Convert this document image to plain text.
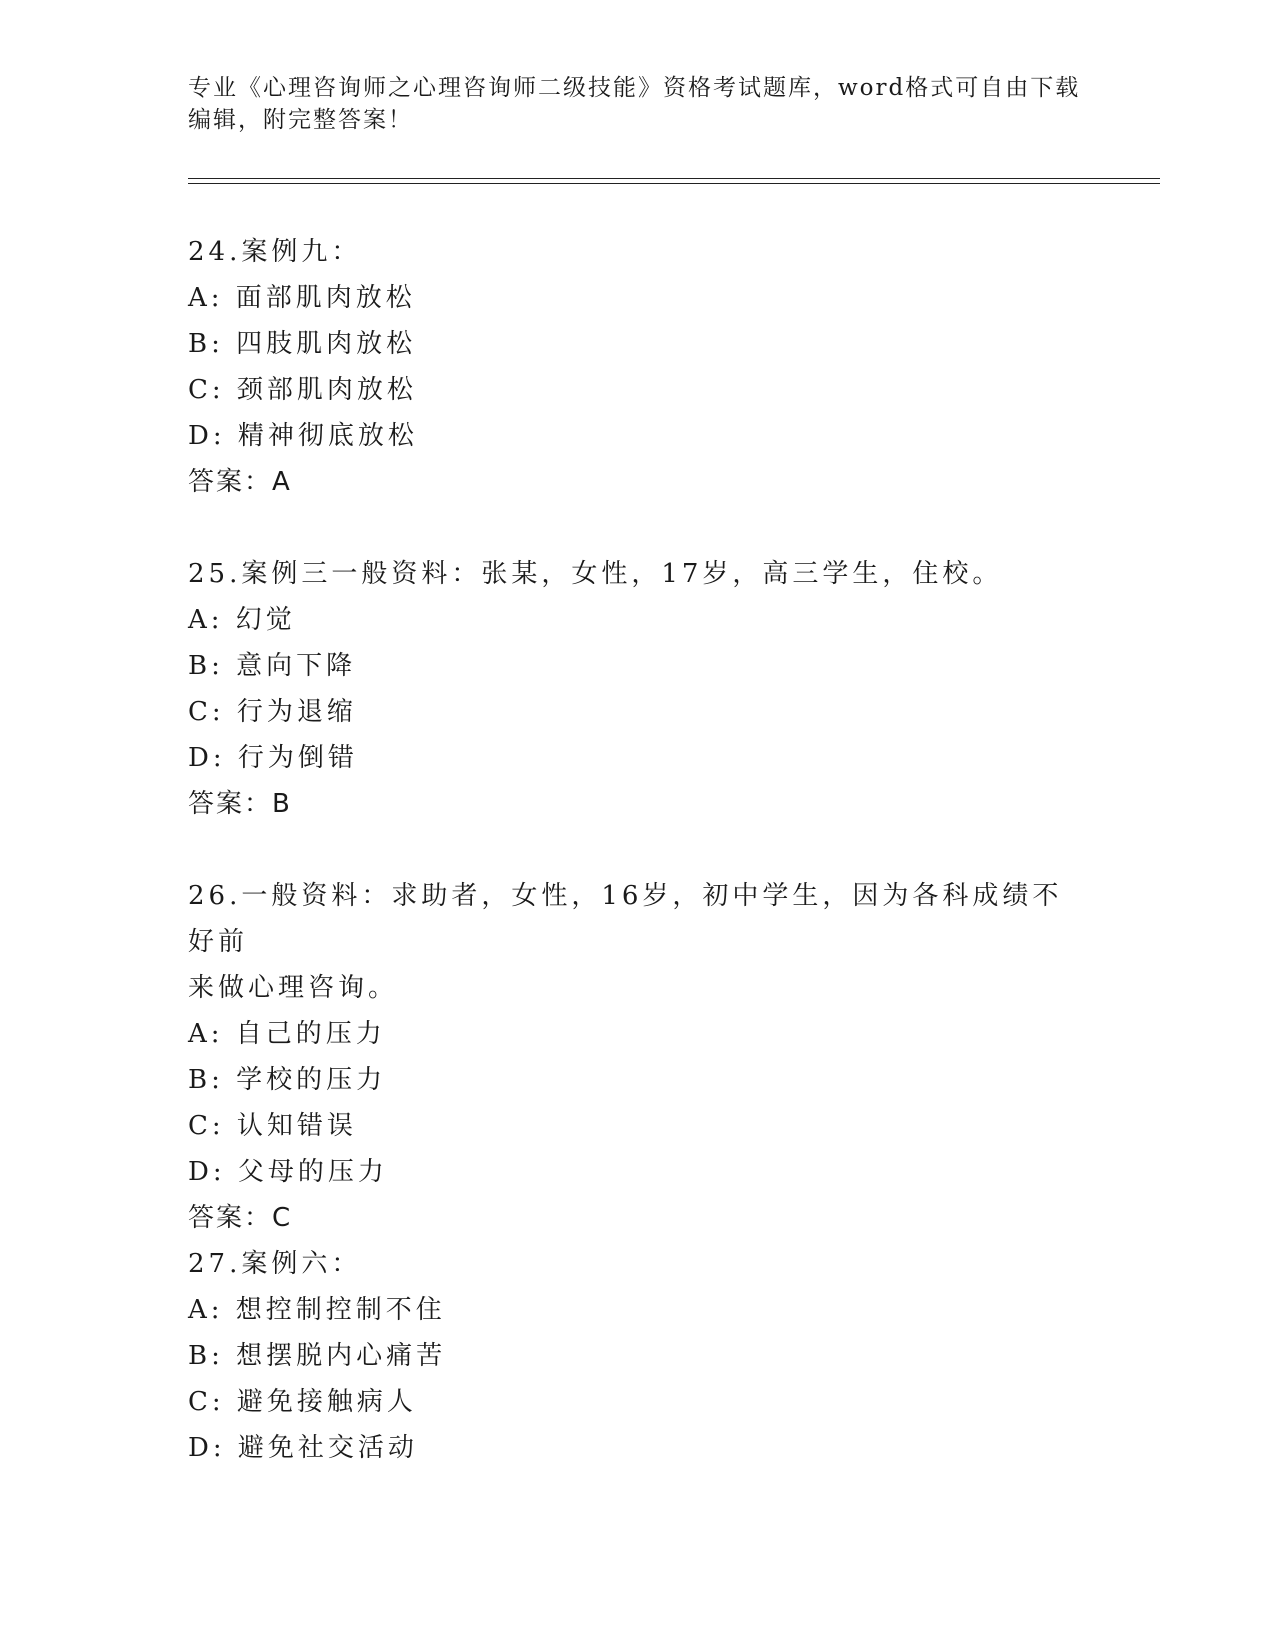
专业《心理咨询师之心理咨询师二级技能》资格考试题库，word格式可自由下载
编辑，附完整答案！

24.案例九：

A: 面部肌肉放松

B: 四肢肌肉放松

C: 颈部肌肉放松

D: 精神彻底放松

答案：A

25.案例三一般资料：张某，女性，17岁，高三学生，住校。

A: 幻觉

B: 意向下降

C: 行为退缩

D: 行为倒错

答案：B

26.一般资料：求助者，女性，16岁，初中学生，因为各科成绩不好前

来做心理咨询。

A: 自己的压力

B: 学校的压力

C: 认知错误

D: 父母的压力

答案：C

27.案例六：

A: 想控制控制不住

B: 想摆脱内心痛苦

C: 避免接触病人

D: 避免社交活动
